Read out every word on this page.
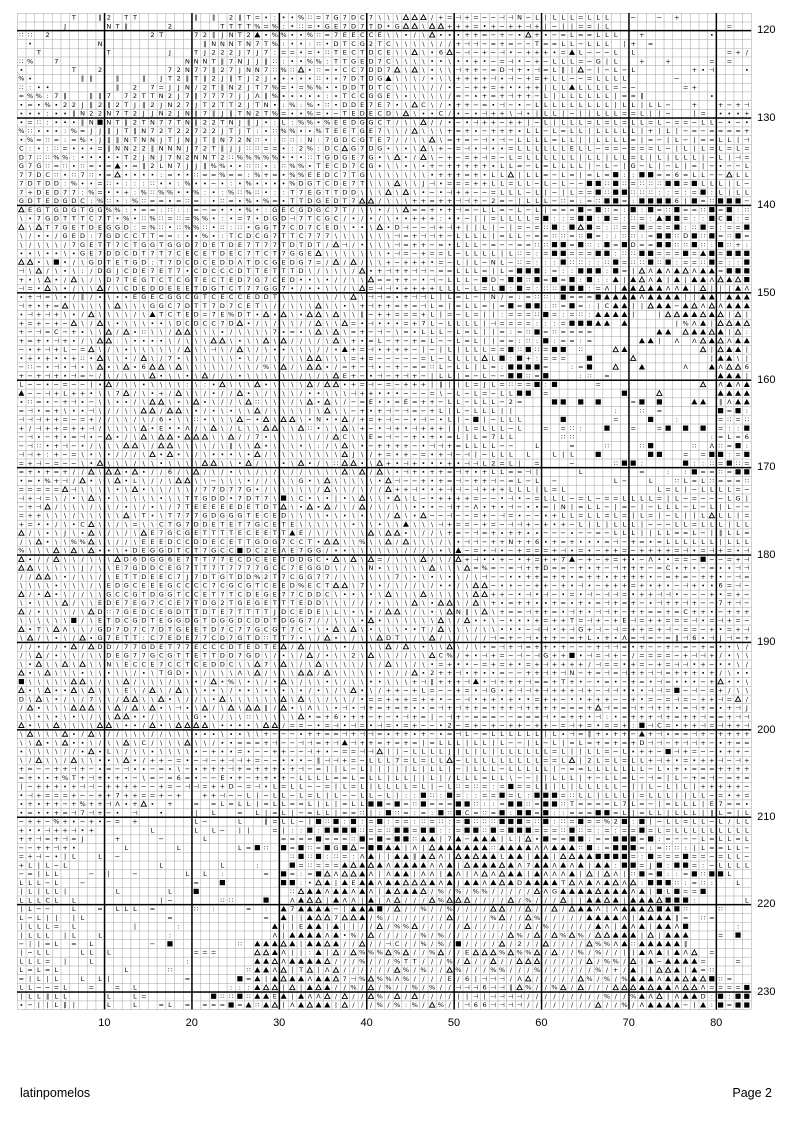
120
130
140
150
160
170
180
190
200
210
220
230
10	20	30	40	50	60	70	80
latinpomelos	Page 2
